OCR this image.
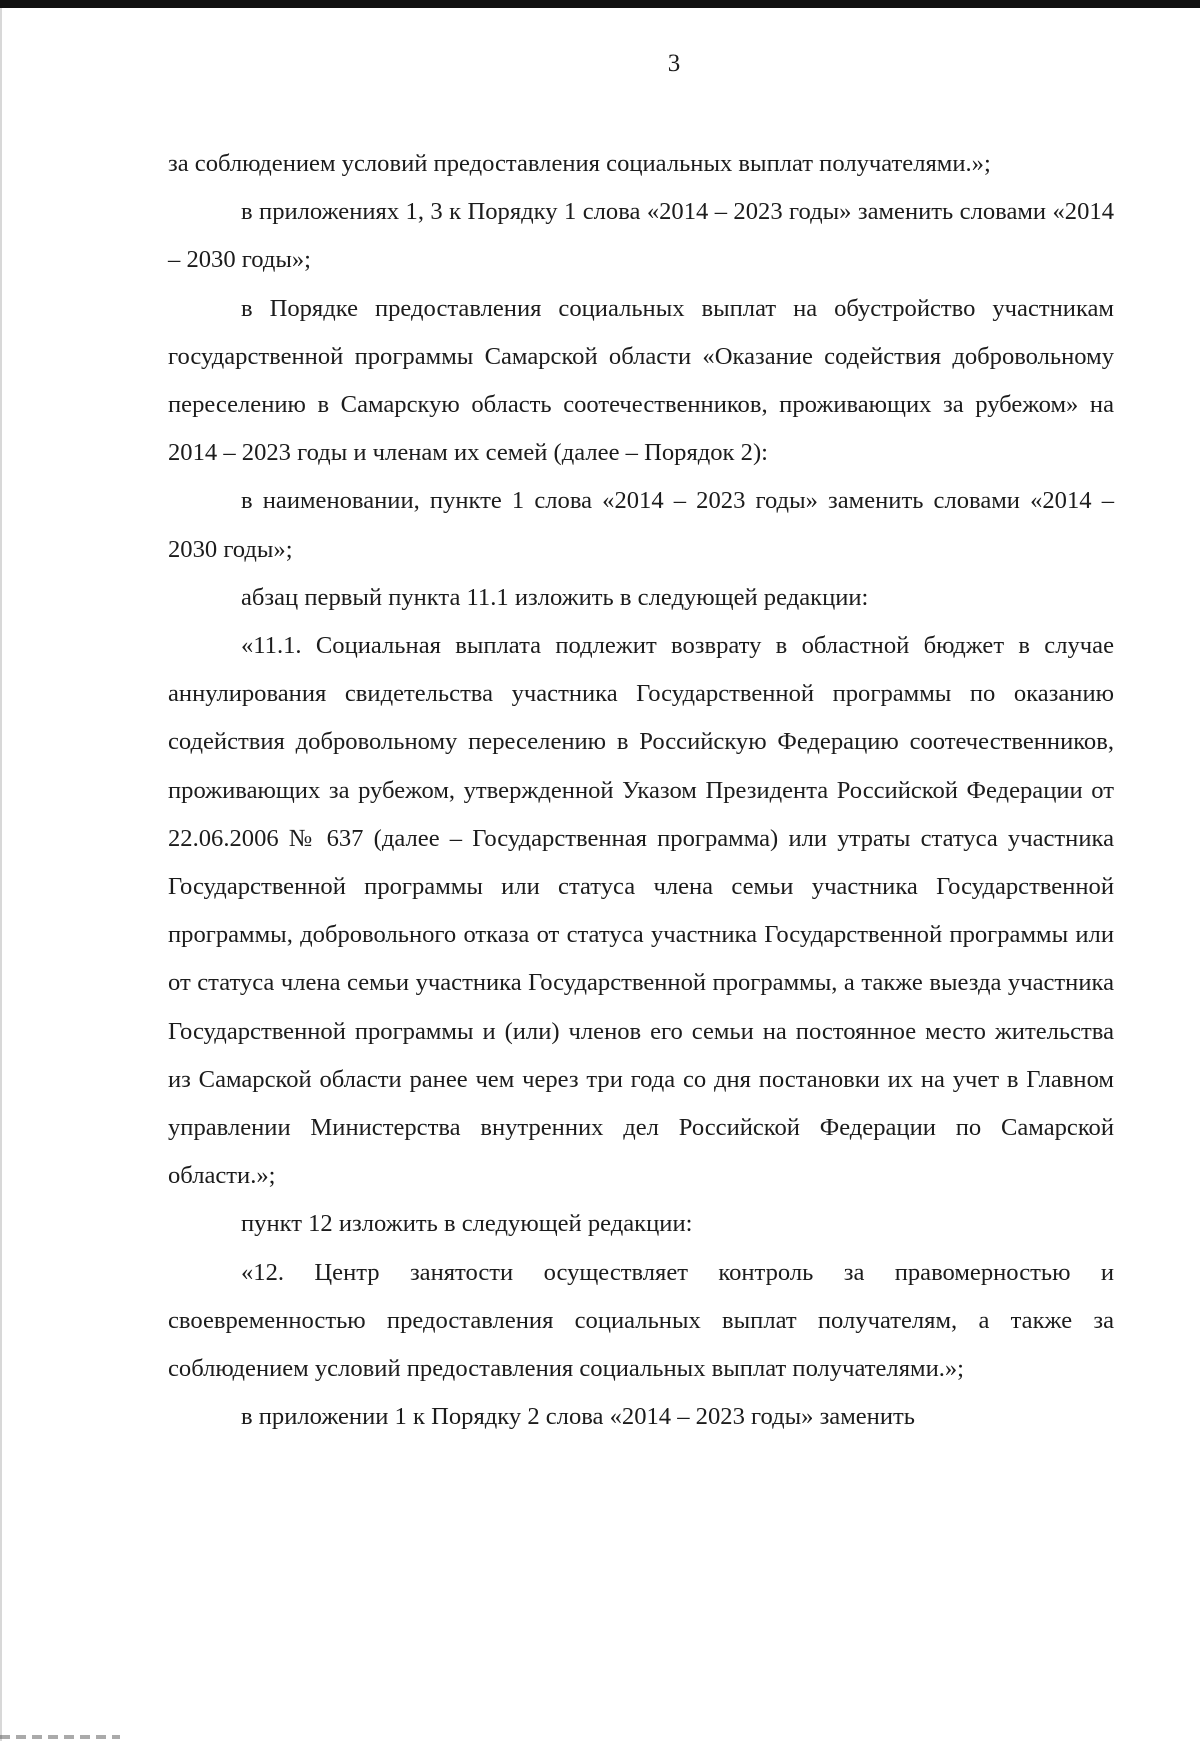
3

за соблюдением условий предоставления социальных выплат получателями.»;

в приложениях 1, 3 к Порядку 1 слова «2014 – 2023 годы» заменить словами «2014 – 2030 годы»;

в Порядке предоставления социальных выплат на обустройство участникам государственной программы Самарской области «Оказание содействия добровольному переселению в Самарскую область соотечественников, проживающих за рубежом» на 2014 – 2023 годы и членам их семей (далее – Порядок 2):

в наименовании, пункте 1 слова «2014 – 2023 годы» заменить словами «2014 – 2030 годы»;

абзац первый пункта 11.1 изложить в следующей редакции:

«11.1. Социальная выплата подлежит возврату в областной бюджет в случае аннулирования свидетельства участника Государственной программы по оказанию содействия добровольному переселению в Российскую Федерацию соотечественников, проживающих за рубежом, утвержденной Указом Президента Российской Федерации от 22.06.2006 № 637 (далее – Государственная программа) или утраты статуса участника Государственной программы или статуса члена семьи участника Государственной программы, добровольного отказа от статуса участника Государственной программы или от статуса члена семьи участника Государственной программы, а также выезда участника Государственной программы и (или) членов его семьи на постоянное место жительства из Самарской области ранее чем через три года со дня постановки их на учет в Главном управлении Министерства внутренних дел Российской Федерации по Самарской области.»;

пункт 12 изложить в следующей редакции:

«12. Центр занятости осуществляет контроль за правомерностью и своевременностью предоставления социальных выплат получателям, а также за соблюдением условий предоставления социальных выплат получателями.»;

в приложении 1 к Порядку 2 слова «2014 – 2023 годы» заменить
